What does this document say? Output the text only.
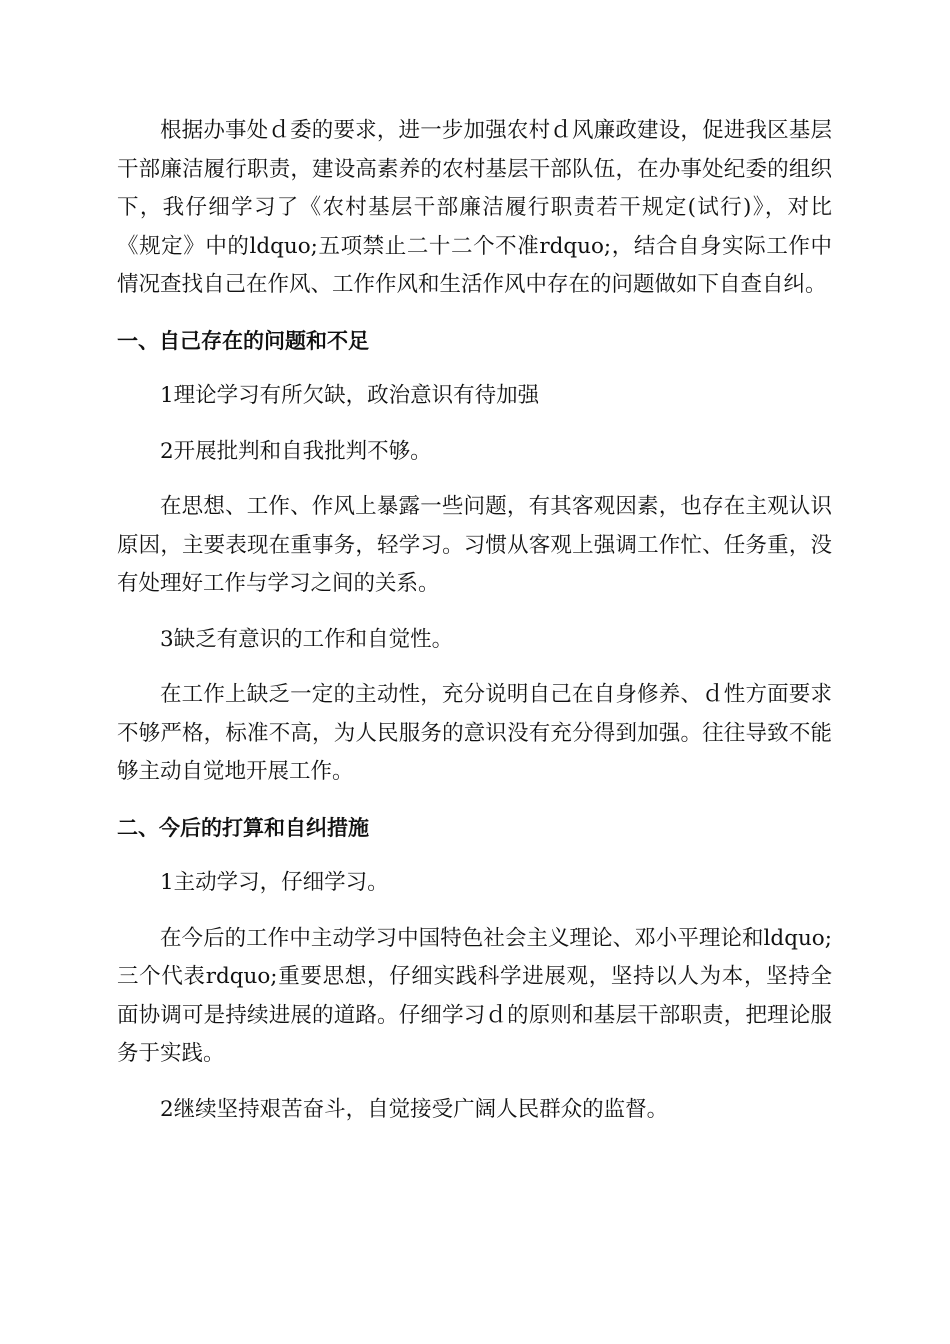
根据办事处ｄ委的要求，进一步加强农村ｄ风廉政建设，促进我区基层干部廉洁履行职责，建设高素养的农村基层干部队伍，在办事处纪委的组织下，我仔细学习了《农村基层干部廉洁履行职责若干规定(试行)》，对比《规定》中的ldquo;五项禁止二十二个不准rdquo;，结合自身实际工作中情况查找自己在作风、工作作风和生活作风中存在的问题做如下自查自纠。

一、自己存在的问题和不足

1理论学习有所欠缺，政治意识有待加强

2开展批判和自我批判不够。

在思想、工作、作风上暴露一些问题，有其客观因素，也存在主观认识原因，主要表现在重事务，轻学习。习惯从客观上强调工作忙、任务重，没有处理好工作与学习之间的关系。

3缺乏有意识的工作和自觉性。

在工作上缺乏一定的主动性，充分说明自己在自身修养、ｄ性方面要求不够严格，标准不高，为人民服务的意识没有充分得到加强。往往导致不能够主动自觉地开展工作。

二、今后的打算和自纠措施

1主动学习，仔细学习。

在今后的工作中主动学习中国特色社会主义理论、邓小平理论和ldquo;三个代表rdquo;重要思想，仔细实践科学进展观，坚持以人为本，坚持全面协调可是持续进展的道路。仔细学习ｄ的原则和基层干部职责，把理论服务于实践。

2继续坚持艰苦奋斗，自觉接受广阔人民群众的监督。
